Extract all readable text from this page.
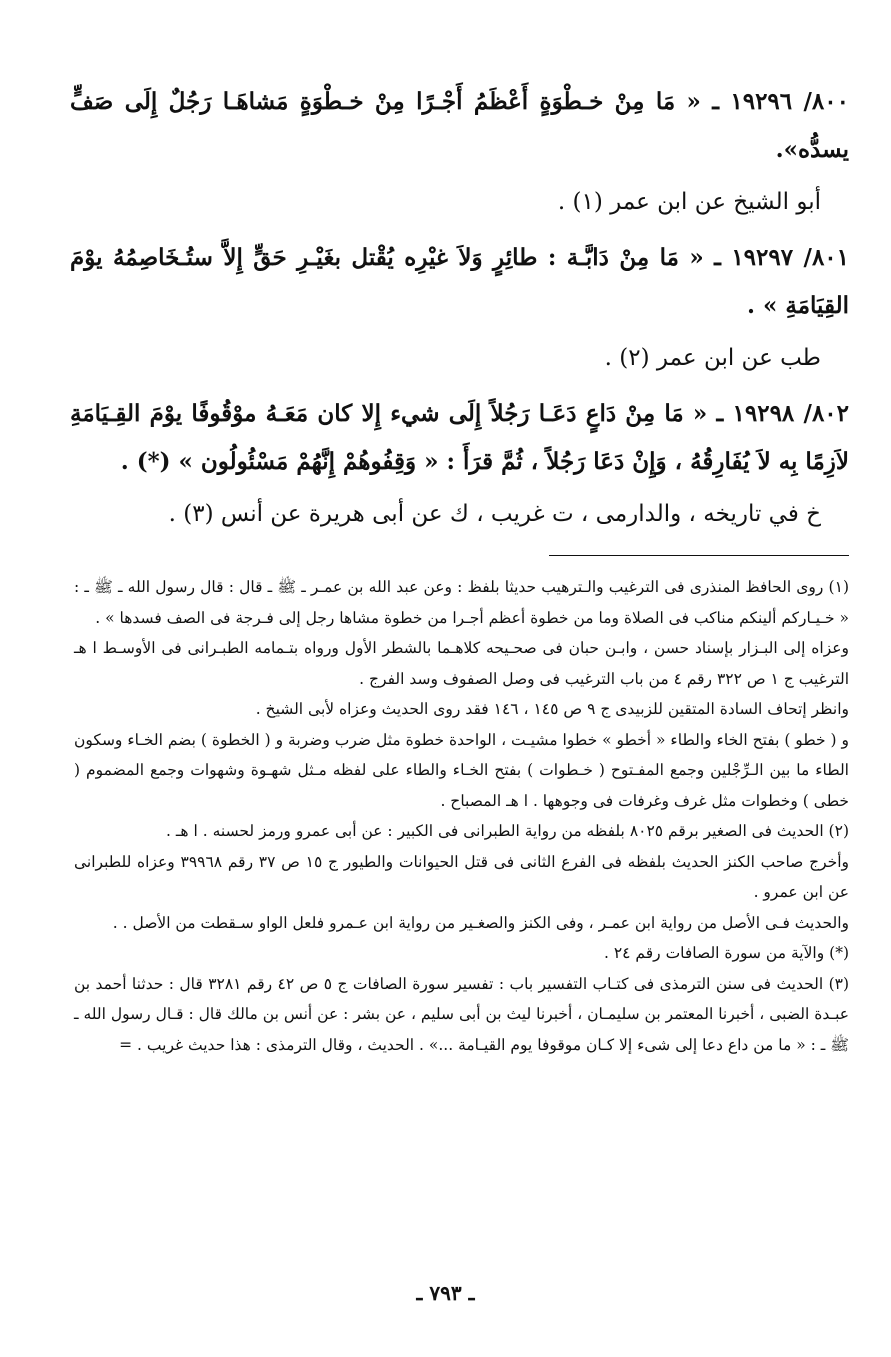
٨٠٠/ ١٩٢٩٦ ـ « مَا مِنْ خـطْوَةٍ أَعْظَمُ أَجْـرًا مِنْ خـطْوَةٍ مَشاهَـا رَجُلٌ إِلَى صَفٍّ يسدُّه».

أبو الشيخ عن ابن عمر (١) .

٨٠١/ ١٩٢٩٧ ـ « مَا مِنْ دَابَّـة : طائِرٍ وَلاَ غيْرِه يُقْتل بغَيْـرِ حَقٍّ إِلاَّ ستُـخَاصِمُهُ يوْمَ القِيَامَةِ » .

طب عن ابن عمر (٢) .

٨٠٢/ ١٩٢٩٨ ـ « مَا مِنْ دَاعٍ دَعَـا رَجُلاً إِلَى شيء إِلا كان مَعَـهُ موْقُوفًا يوْمَ القِـيَامَةِ لاَزِمًا بِه لاَ يُفَارِقُهُ ، وَإِنْ دَعَا رَجُلاً ، ثُمَّ قرَأَ : « وَقِفُوهُمْ إِنَّهُمْ مَسْئُولُون » (*) .

خ في تاريخه ، والدارمى ، ت غريب ، ك عن أبى هريرة عن أنس (٣) .

(١) روى الحافظ المنذرى فى الترغيب والـترهيب حديثا بلفظ : وعن عبد الله بن عمـر ـ ﷺ ـ قال : قال رسول الله ـ ﷺ ـ : « خـيـاركم ألينكم مناكب فى الصلاة وما من خطوة أعظم أجـرا من خطوة مشاها رجل إلى فـرجة فى الصف فسدها » .

وعزاه إلى البـزار بإسناد حسن ، وابـن حبان فى صحـيحه كلاهـما بالشطر الأول ورواه بتـمامه الطبـرانى فى الأوسـط ا هـ الترغيب ج ١ ص ٣٢٢ رقم ٤ من باب الترغيب فى وصل الصفوف وسد الفرج .

وانظر إتحاف السادة المتقين للزبيدى ج ٩ ص ١٤٥ ، ١٤٦ فقد روى الحديث وعزاه لأبى الشيخ .

و ( خطو ) بفتح الخاء والطاء « أخطو » خطوا مشيـت ، الواحدة خطوة مثل ضرب وضربة و ( الخطوة ) بضم الخـاء وسكون الطاء ما بين الـرِّجْلين وجمع المفـتوح ( خـطوات ) بفتح الخـاء والطاء على لفظه مـثل شهـوة وشهوات وجمع المضموم ( خطى ) وخطوات مثل غرف وغرفات فى وجوهها . ا هـ المصباح .

(٢) الحديث فى الصغير برقم ٨٠٢٥ بلفظه من رواية الطبرانى فى الكبير : عن أبى عمرو ورمز لحسنه . ا هـ .

وأخرج صاحب الكنز الحديث بلفظه فى الفرع الثانى فى قتل الحيوانات والطيور ج ١٥ ص ٣٧ رقم ٣٩٩٦٨ وعزاه للطبرانى عن ابن عمرو .

والحديث فـى الأصل من رواية ابن عمـر ، وفى الكنز والصغـير من رواية ابن عـمرو فلعل الواو سـقطت من الأصل . .

(*) والآية من سورة الصافات رقم ٢٤ .

(٣) الحديث فى سنن الترمذى فى كتـاب التفسير باب : تفسير سورة الصافات ج ٥ ص ٤٢ رقم ٣٢٨١ قال : حدثنا أحمد بن عبـدة الضبى ، أخبرنا المعتمر بن سليمـان ، أخبرنا ليث بن أبى سليم ، عن بشر : عن أنس بن مالك قال : قـال رسول الله ـ ﷺ ـ : « ما من داع دعا إلى شىء إلا كـان موقوفا يوم القيـامة ...» . الحديث ، وقال الترمذى : هذا حديث غريب . =

ـ ٧٩٣ ـ
